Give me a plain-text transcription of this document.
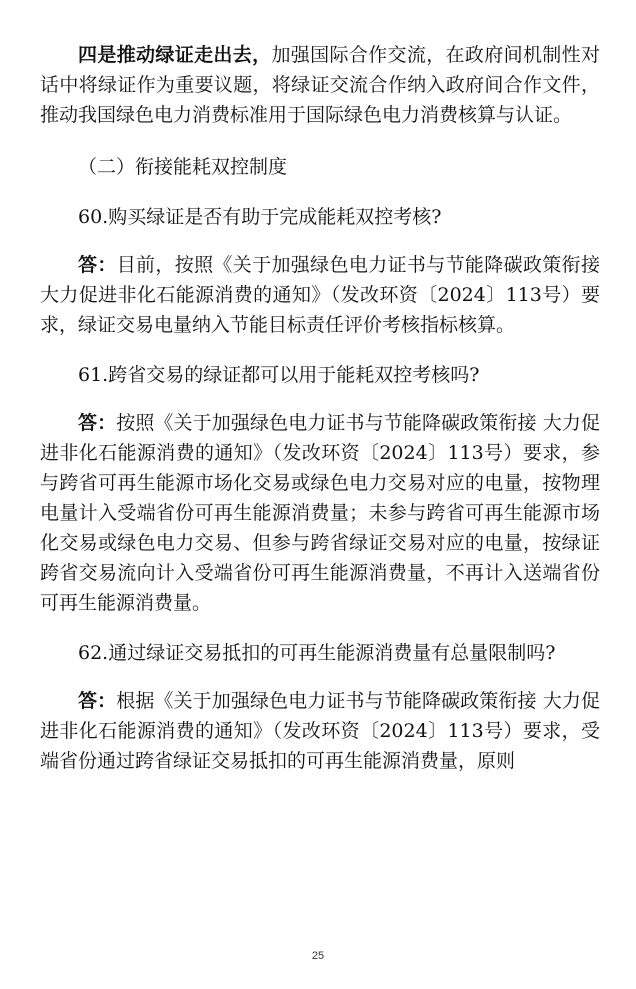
四是推动绿证走出去，加强国际合作交流，在政府间机制性对话中将绿证作为重要议题，将绿证交流合作纳入政府间合作文件，推动我国绿色电力消费标准用于国际绿色电力消费核算与认证。

（二）衔接能耗双控制度

60.购买绿证是否有助于完成能耗双控考核?

答：目前，按照《关于加强绿色电力证书与节能降碳政策衔接 大力促进非化石能源消费的通知》（发改环资〔2024〕113号）要求，绿证交易电量纳入节能目标责任评价考核指标核算。

61.跨省交易的绿证都可以用于能耗双控考核吗?

答：按照《关于加强绿色电力证书与节能降碳政策衔接 大力促进非化石能源消费的通知》（发改环资〔2024〕113号）要求，参与跨省可再生能源市场化交易或绿色电力交易对应的电量，按物理电量计入受端省份可再生能源消费量；未参与跨省可再生能源市场化交易或绿色电力交易、但参与跨省绿证交易对应的电量，按绿证跨省交易流向计入受端省份可再生能源消费量，不再计入送端省份可再生能源消费量。

62.通过绿证交易抵扣的可再生能源消费量有总量限制吗?

答：根据《关于加强绿色电力证书与节能降碳政策衔接 大力促进非化石能源消费的通知》（发改环资〔2024〕113号）要求，受端省份通过跨省绿证交易抵扣的可再生能源消费量，原则

25
